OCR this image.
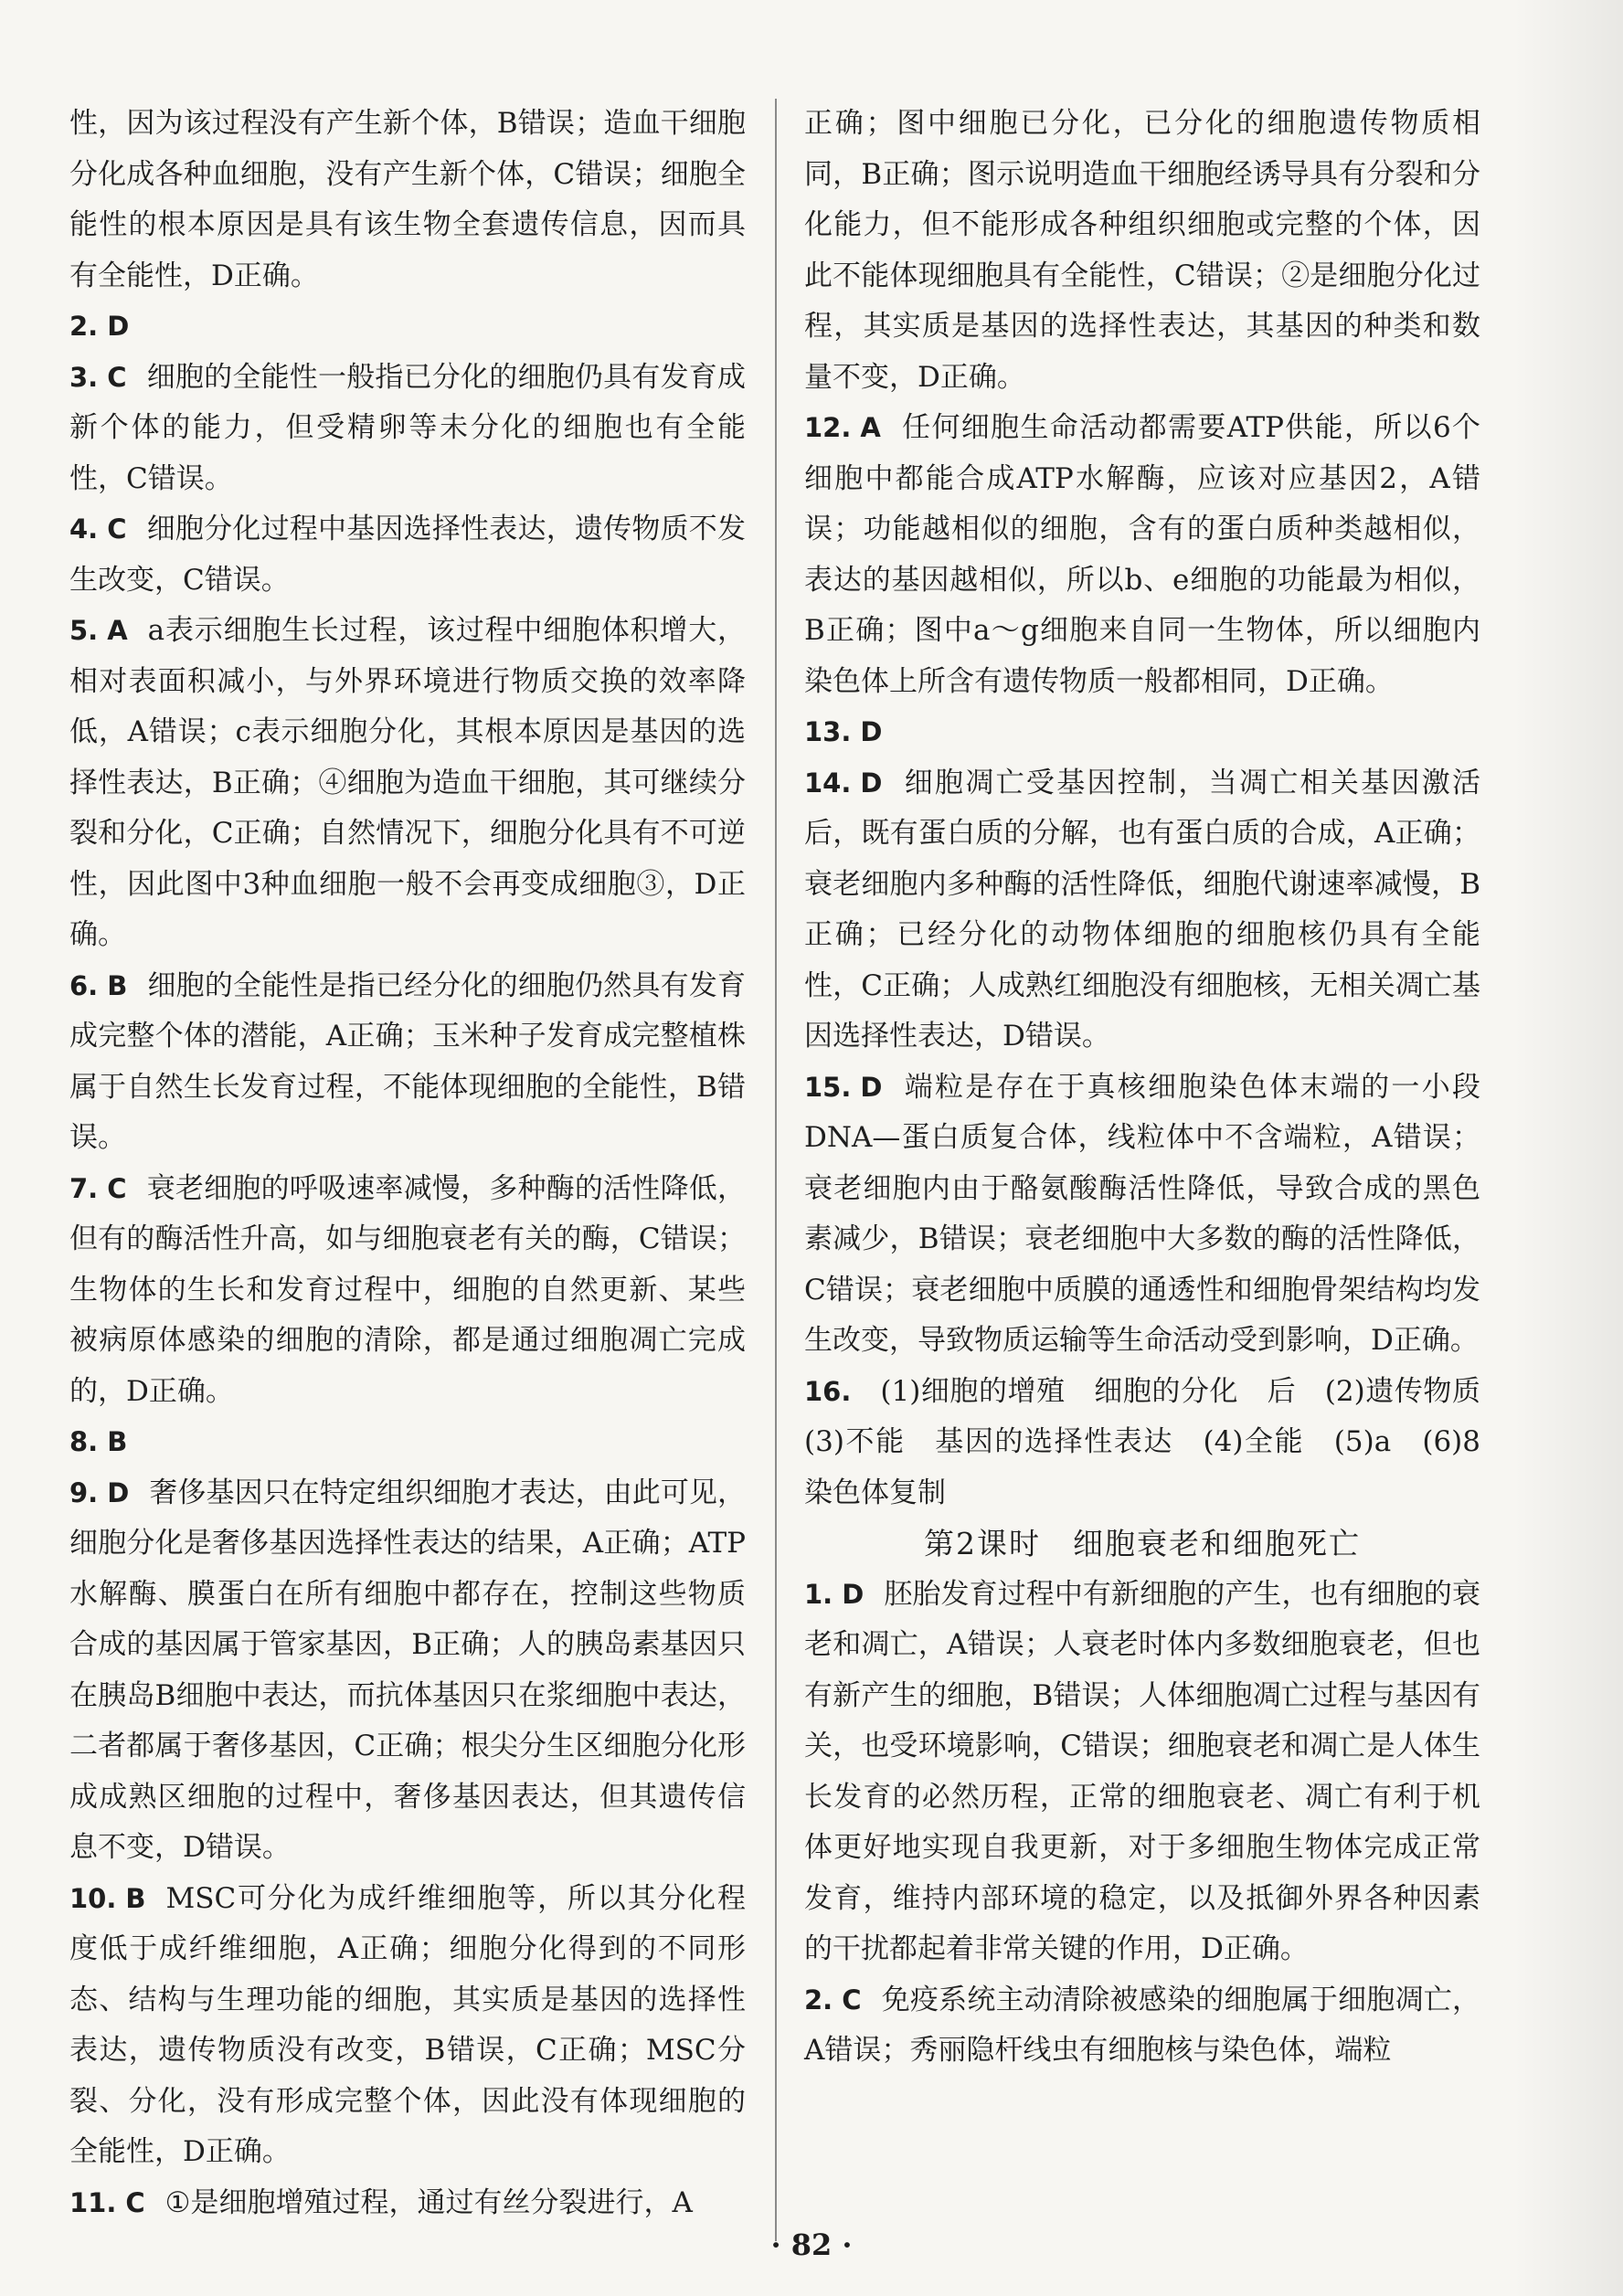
性，因为该过程没有产生新个体，B错误；造血干细胞分化成各种血细胞，没有产生新个体，C错误；细胞全能性的根本原因是具有该生物全套遗传信息，因而具有全能性，D正确。

2. D

3. C 细胞的全能性一般指已分化的细胞仍具有发育成新个体的能力，但受精卵等未分化的细胞也有全能性，C错误。

4. C 细胞分化过程中基因选择性表达，遗传物质不发生改变，C错误。

5. A a表示细胞生长过程，该过程中细胞体积增大，相对表面积减小，与外界环境进行物质交换的效率降低，A错误；c表示细胞分化，其根本原因是基因的选择性表达，B正确；④细胞为造血干细胞，其可继续分裂和分化，C正确；自然情况下，细胞分化具有不可逆性，因此图中3种血细胞一般不会再变成细胞③，D正确。

6. B 细胞的全能性是指已经分化的细胞仍然具有发育成完整个体的潜能，A正确；玉米种子发育成完整植株属于自然生长发育过程，不能体现细胞的全能性，B错误。

7. C 衰老细胞的呼吸速率减慢，多种酶的活性降低，但有的酶活性升高，如与细胞衰老有关的酶，C错误；生物体的生长和发育过程中，细胞的自然更新、某些被病原体感染的细胞的清除，都是通过细胞凋亡完成的，D正确。

8. B

9. D 奢侈基因只在特定组织细胞才表达，由此可见，细胞分化是奢侈基因选择性表达的结果，A正确；ATP水解酶、膜蛋白在所有细胞中都存在，控制这些物质合成的基因属于管家基因，B正确；人的胰岛素基因只在胰岛B细胞中表达，而抗体基因只在浆细胞中表达，二者都属于奢侈基因，C正确；根尖分生区细胞分化形成成熟区细胞的过程中，奢侈基因表达，但其遗传信息不变，D错误。

10. B MSC可分化为成纤维细胞等，所以其分化程度低于成纤维细胞，A正确；细胞分化得到的不同形态、结构与生理功能的细胞，其实质是基因的选择性表达，遗传物质没有改变，B错误，C正确；MSC分裂、分化，没有形成完整个体，因此没有体现细胞的全能性，D正确。

11. C ①是细胞增殖过程，通过有丝分裂进行，A

正确；图中细胞已分化，已分化的细胞遗传物质相同，B正确；图示说明造血干细胞经诱导具有分裂和分化能力，但不能形成各种组织细胞或完整的个体，因此不能体现细胞具有全能性，C错误；②是细胞分化过程，其实质是基因的选择性表达，其基因的种类和数量不变，D正确。

12. A 任何细胞生命活动都需要ATP供能，所以6个细胞中都能合成ATP水解酶，应该对应基因2，A错误；功能越相似的细胞，含有的蛋白质种类越相似，表达的基因越相似，所以b、e细胞的功能最为相似，B正确；图中a～g细胞来自同一生物体，所以细胞内染色体上所含有遗传物质一般都相同，D正确。

13. D

14. D 细胞凋亡受基因控制，当凋亡相关基因激活后，既有蛋白质的分解，也有蛋白质的合成，A正确；衰老细胞内多种酶的活性降低，细胞代谢速率减慢，B正确；已经分化的动物体细胞的细胞核仍具有全能性，C正确；人成熟红细胞没有细胞核，无相关凋亡基因选择性表达，D错误。

15. D 端粒是存在于真核细胞染色体末端的一小段DNA—蛋白质复合体，线粒体中不含端粒，A错误；衰老细胞内由于酪氨酸酶活性降低，导致合成的黑色素减少，B错误；衰老细胞中大多数的酶的活性降低，C错误；衰老细胞中质膜的通透性和细胞骨架结构均发生改变，导致物质运输等生命活动受到影响，D正确。

16. (1)细胞的增殖　细胞的分化　后　(2)遗传物质　(3)不能　基因的选择性表达　(4)全能　(5)a　(6)8　染色体复制

第2课时　细胞衰老和细胞死亡

1. D 胚胎发育过程中有新细胞的产生，也有细胞的衰老和凋亡，A错误；人衰老时体内多数细胞衰老，但也有新产生的细胞，B错误；人体细胞凋亡过程与基因有关，也受环境影响，C错误；细胞衰老和凋亡是人体生长发育的必然历程，正常的细胞衰老、凋亡有利于机体更好地实现自我更新，对于多细胞生物体完成正常发育，维持内部环境的稳定，以及抵御外界各种因素的干扰都起着非常关键的作用，D正确。

2. C 免疫系统主动清除被感染的细胞属于细胞凋亡，A错误；秀丽隐杆线虫有细胞核与染色体，端粒

· 82 ·
